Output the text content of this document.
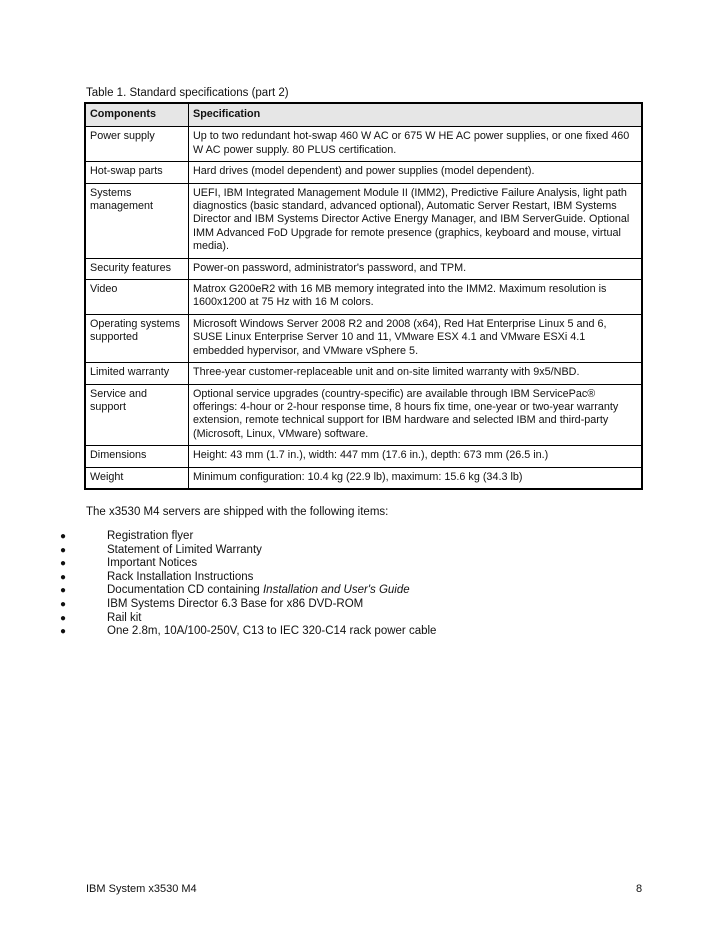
Table 1. Standard specifications (part 2)
Components	Specification
Power supply	Up to two redundant hot-swap 460 W AC or 675 W HE AC power supplies, or one fixed 460 W AC power supply. 80 PLUS certification.
Hot-swap parts	Hard drives (model dependent) and power supplies (model dependent).
Systems management	UEFI, IBM Integrated Management Module II (IMM2), Predictive Failure Analysis, light path diagnostics (basic standard, advanced optional), Automatic Server Restart, IBM Systems Director and IBM Systems Director Active Energy Manager, and IBM ServerGuide. Optional IMM Advanced FoD Upgrade for remote presence (graphics, keyboard and mouse, virtual media).
Security features	Power-on password, administrator's password, and TPM.
Video	Matrox G200eR2 with 16 MB memory integrated into the IMM2. Maximum resolution is 1600x1200 at 75 Hz with 16 M colors.
Operating systems supported	Microsoft Windows Server 2008 R2 and 2008 (x64), Red Hat Enterprise Linux 5 and 6, SUSE Linux Enterprise Server 10 and 11, VMware ESX 4.1 and VMware ESXi 4.1 embedded hypervisor, and VMware vSphere 5.
Limited warranty	Three-year customer-replaceable unit and on-site limited warranty with 9x5/NBD.
Service and support	Optional service upgrades (country-specific) are available through IBM ServicePac® offerings: 4-hour or 2-hour response time, 8 hours fix time, one-year or two-year warranty extension, remote technical support for IBM hardware and selected IBM and third-party (Microsoft, Linux, VMware) software.
Dimensions	Height: 43 mm (1.7 in.), width: 447 mm (17.6 in.), depth: 673 mm (26.5 in.)
Weight	Minimum configuration: 10.4 kg (22.9 lb), maximum: 15.6 kg (34.3 lb)
The x3530 M4 servers are shipped with the following items:
●	Registration flyer
●	Statement of Limited Warranty
●	Important Notices
●	Rack Installation Instructions
●	Documentation CD containing Installation and User's Guide
●	IBM Systems Director 6.3 Base for x86 DVD-ROM
●	Rail kit
●	One 2.8m, 10A/100-250V, C13 to IEC 320-C14 rack power cable
IBM System x3530 M4	8
